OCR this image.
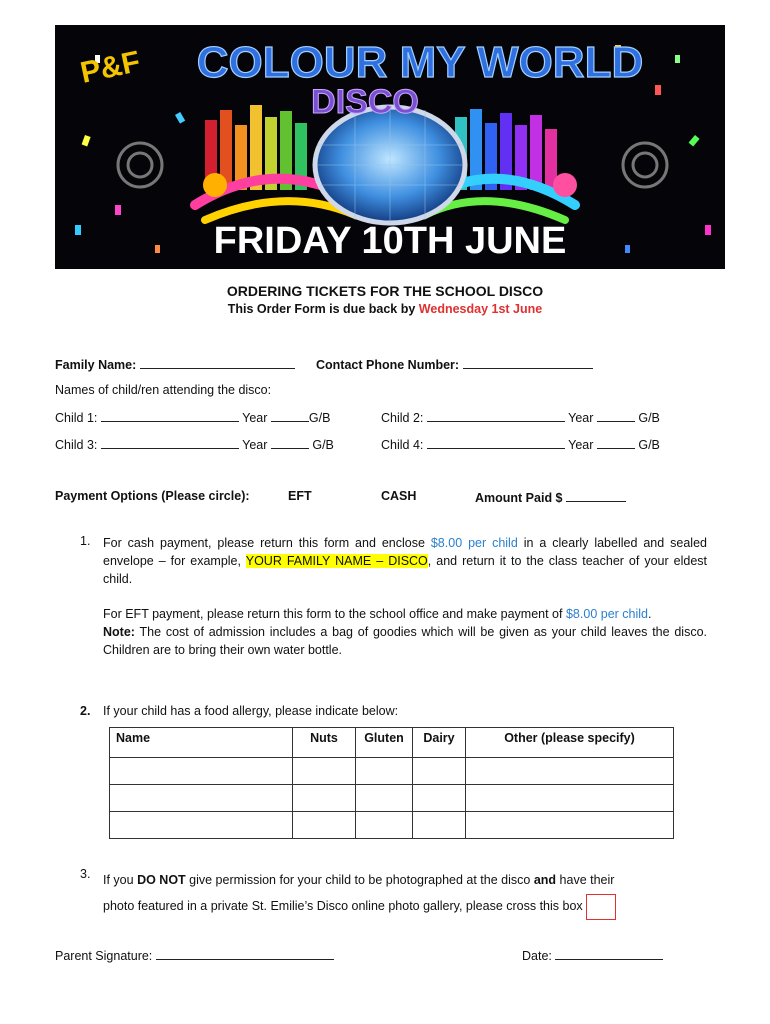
P&F COLOUR MY WORLD
DISCO
FRIDAY 10TH JUNE
ORDERING TICKETS FOR THE SCHOOL DISCO
This Order Form is due back by Wednesday 1st June
Family Name:	Contact Phone Number:
Names of child/ren attending the disco:
Child 1:	Year	G/B	Child 2:	Year	G/B
Child 3:	Year	G/B	Child 4:	Year	G/B
Payment Options (Please circle):	EFT	CASH	Amount Paid $
1. For cash payment, please return this form and enclose $8.00 per child in a clearly labelled and sealed envelope – for example, YOUR FAMILY NAME – DISCO, and return it to the class teacher of your eldest child.
For EFT payment, please return this form to the school office and make payment of $8.00 per child.
Note: The cost of admission includes a bag of goodies which will be given as your child leaves the disco. Children are to bring their own water bottle.
2. If your child has a food allergy, please indicate below:
Name	Nuts	Gluten	Dairy	Other (please specify)

3. If you DO NOT give permission for your child to be photographed at the disco and have their
photo featured in a private St. Emilie’s Disco online photo gallery, please cross this box
Parent Signature:	Date:
